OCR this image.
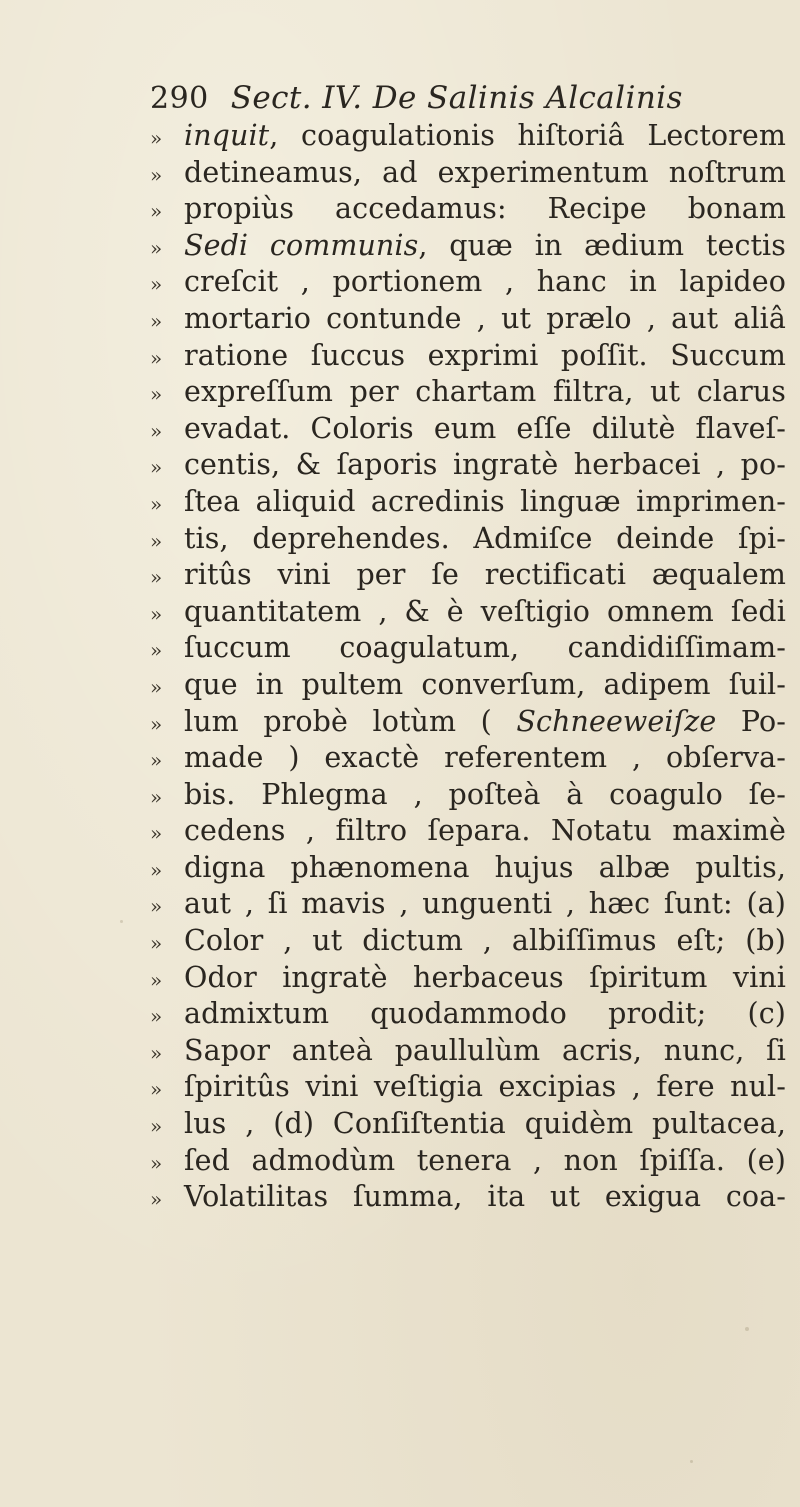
290 Sect. IV. De Salinis Alcalinis
» inquit, coagulationis hiſtoriâ Lectorem
» detineamus, ad experimentum noſtrum
» propiùs accedamus: Recipe bonam
» Sedi communis, quæ in ædium tectis
» creſcit , portionem , hanc in lapideo
» mortario contunde , ut prælo , aut aliâ
» ratione ſuccus exprimi poſſit. Succum
» expreſſum per chartam filtra, ut clarus
» evadat. Coloris eum eſſe dilutè flaveſ-
» centis, & ſaporis ingratè herbacei , po-
» ſtea aliquid acredinis linguæ imprimen-
» tis, deprehendes. Admiſce deinde ſpi-
» ritûs vini per ſe rectificati æqualem
» quantitatem , & è veſtigio omnem ſedi
» ſuccum coagulatum, candidiſſimam-
» que in pultem converſum, adipem ſuil-
» lum probè lotùm ( Schneeweiſze Po-
» made ) exactè referentem , obſerva-
» bis. Phlegma , poſteà à coagulo ſe-
» cedens , filtro ſepara. Notatu maximè
» digna phænomena hujus albæ pultis,
» aut , ſi mavis , unguenti , hæc ſunt: (a)
» Color , ut dictum , albiſſimus eſt; (b)
» Odor ingratè herbaceus ſpiritum vini
» admixtum quodammodo prodit; (c)
» Sapor anteà paullulùm acris, nunc, ſi
» ſpiritûs vini veſtigia excipias , fere nul-
» lus , (d) Conſiſtentia quidèm pultacea,
» ſed admodùm tenera , non ſpiſſa. (e)
» Volatilitas ſumma, ita ut exigua coa-
